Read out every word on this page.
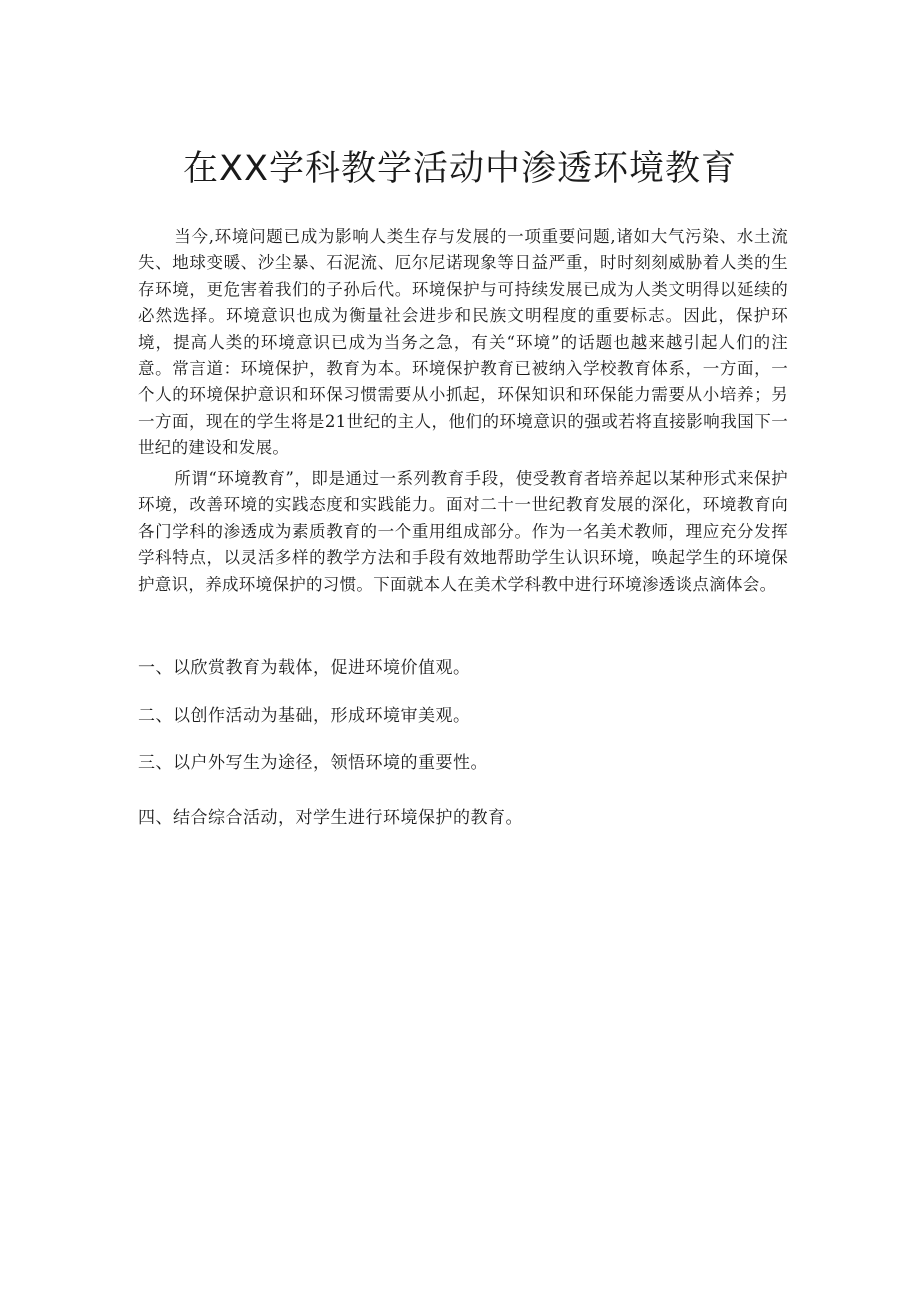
在XX学科教学活动中渗透环境教育

当今,环境问题已成为影响人类生存与发展的一项重要问题,诸如大气污染、水土流失、地球变暖、沙尘暴、石泥流、厄尔尼诺现象等日益严重，时时刻刻威胁着人类的生存环境，更危害着我们的子孙后代。环境保护与可持续发展已成为人类文明得以延续的必然选择。环境意识也成为衡量社会进步和民族文明程度的重要标志。因此，保护环境，提高人类的环境意识已成为当务之急，有关“环境”的话题也越来越引起人们的注意。常言道：环境保护，教育为本。环境保护教育已被纳入学校教育体系，一方面，一个人的环境保护意识和环保习惯需要从小抓起，环保知识和环保能力需要从小培养；另一方面，现在的学生将是21世纪的主人，他们的环境意识的强或若将直接影响我国下一世纪的建设和发展。

所谓“环境教育”，即是通过一系列教育手段，使受教育者培养起以某种形式来保护环境，改善环境的实践态度和实践能力。面对二十一世纪教育发展的深化，环境教育向各门学科的渗透成为素质教育的一个重用组成部分。作为一名美术教师，理应充分发挥学科特点，以灵活多样的教学方法和手段有效地帮助学生认识环境，唤起学生的环境保护意识，养成环境保护的习惯。下面就本人在美术学科教中进行环境渗透谈点滴体会。

一、以欣赏教育为载体，促进环境价值观。

二、以创作活动为基础，形成环境审美观。

三、以户外写生为途径，领悟环境的重要性。

四、结合综合活动，对学生进行环境保护的教育。
